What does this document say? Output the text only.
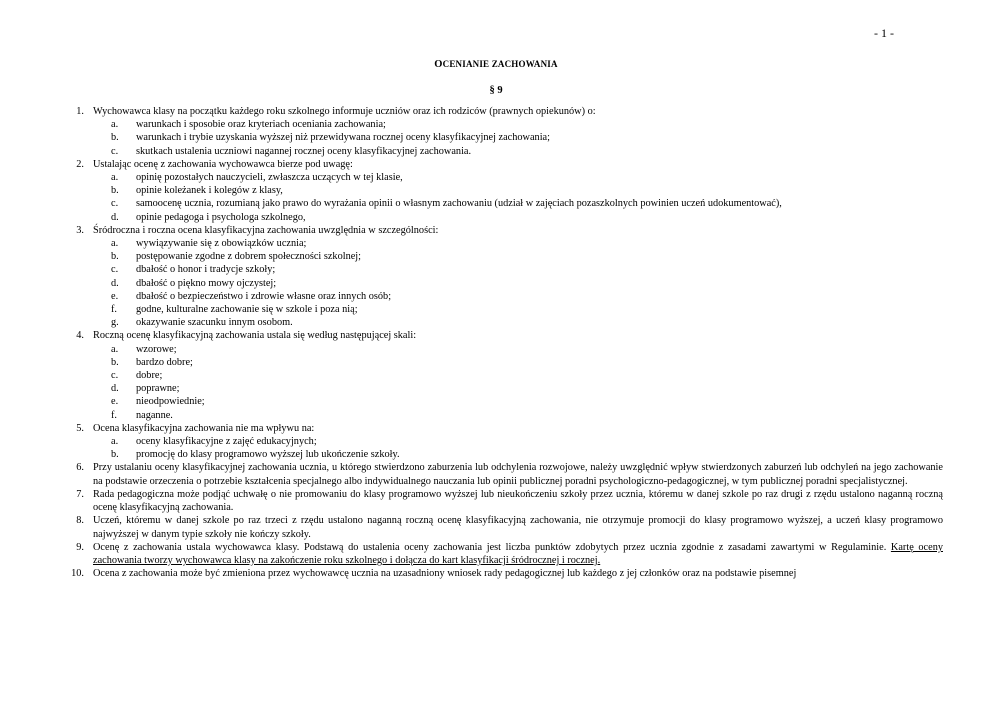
- 1 -
OCENIANIE ZACHOWANIA
§ 9
1. Wychowawca klasy na początku każdego roku szkolnego informuje uczniów oraz ich rodziców (prawnych opiekunów) o:
a. warunkach i sposobie oraz kryteriach oceniania zachowania;
b. warunkach i trybie uzyskania wyższej niż przewidywana rocznej oceny klasyfikacyjnej zachowania;
c. skutkach ustalenia uczniowi nagannej rocznej oceny klasyfikacyjnej zachowania.
2. Ustalając ocenę z zachowania wychowawca bierze pod uwagę:
a. opinię pozostałych nauczycieli, zwłaszcza uczących w tej klasie,
b. opinie koleżanek i kolegów z klasy,
c. samoocenę ucznia, rozumianą jako prawo do wyrażania opinii o własnym zachowaniu (udział w zajęciach pozaszkolnych powinien uczeń udokumentować),
d. opinie pedagoga i psychologa szkolnego,
3. Śródroczna i roczna ocena klasyfikacyjna zachowania uwzględnia w szczególności:
a. wywiązywanie się z obowiązków ucznia;
b. postępowanie zgodne z dobrem społeczności szkolnej;
c. dbałość o honor i tradycje szkoły;
d. dbałość o piękno mowy ojczystej;
e. dbałość o bezpieczeństwo i zdrowie własne oraz innych osób;
f. godne, kulturalne zachowanie się w szkole i poza nią;
g. okazywanie szacunku innym osobom.
4. Roczną ocenę klasyfikacyjną zachowania ustala się według następującej skali:
a. wzorowe;
b. bardzo dobre;
c. dobre;
d. poprawne;
e. nieodpowiednie;
f. naganne.
5. Ocena klasyfikacyjna zachowania nie ma wpływu na:
a. oceny klasyfikacyjne z zajęć edukacyjnych;
b. promocję do klasy programowo wyższej lub ukończenie szkoły.
6. Przy ustalaniu oceny klasyfikacyjnej zachowania ucznia, u którego stwierdzono zaburzenia lub odchylenia rozwojowe, należy uwzględnić wpływ stwierdzonych zaburzeń lub odchyleń na jego zachowanie na podstawie orzeczenia o potrzebie kształcenia specjalnego albo indywidualnego nauczania lub opinii publicznej poradni psychologiczno-pedagogicznej, w tym publicznej poradni specjalistycznej.
7. Rada pedagogiczna może podjąć uchwałę o nie promowaniu do klasy programowo wyższej lub nieukończeniu szkoły przez ucznia, któremu w danej szkole po raz drugi z rzędu ustalono naganną roczną ocenę klasyfikacyjną zachowania.
8. Uczeń, któremu w danej szkole po raz trzeci z rzędu ustalono naganną roczną ocenę klasyfikacyjną zachowania, nie otrzymuje promocji do klasy programowo wyższej, a uczeń klasy programowo najwyższej w danym typie szkoły nie kończy szkoły.
9. Ocenę z zachowania ustala wychowawca klasy. Podstawą do ustalenia oceny zachowania jest liczba punktów zdobytych przez ucznia zgodnie z zasadami zawartymi w Regulaminie. Kartę oceny zachowania tworzy wychowawca klasy na zakończenie roku szkolnego i dołącza do kart klasyfikacji śródrocznej i rocznej.
10. Ocena z zachowania może być zmieniona przez wychowawcę ucznia na uzasadniony wniosek rady pedagogicznej lub każdego z jej członków oraz na podstawie pisemnej
